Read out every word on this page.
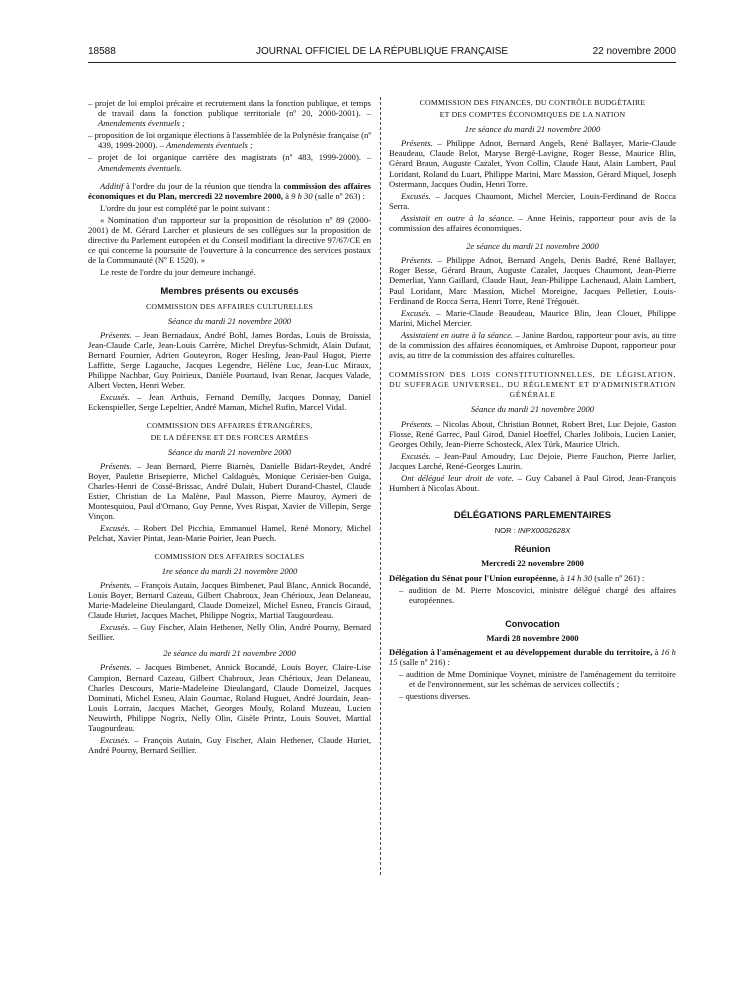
18588	JOURNAL OFFICIEL DE LA RÉPUBLIQUE FRANÇAISE	22 novembre 2000

– projet de loi emploi précaire et recrutement dans la fonction publique, et temps de travail dans la fonction publique territoriale (nº 20, 2000-2001). – Amendements éventuels ;

– proposition de loi organique élections à l'assemblée de la Polynésie française (nº 439, 1999-2000). – Amendements éventuels ;

– projet de loi organique carrière des magistrats (nº 483, 1999-2000). – Amendements éventuels.

Additif à l'ordre du jour de la réunion que tiendra la commission des affaires économiques et du Plan, mercredi 22 novembre 2000, à 9 h 30 (salle nº 263) :

L'ordre du jour est complété par le point suivant :

« Nomination d'un rapporteur sur la proposition de résolution nº 89 (2000-2001) de M. Gérard Larcher et plusieurs de ses collègues sur la proposition de directive du Parlement européen et du Conseil modifiant la directive 97/67/CE en ce qui concerne la poursuite de l'ouverture à la concurrence des services postaux de la Communauté (Nº E 1520). »

Le reste de l'ordre du jour demeure inchangé.

Membres présents ou excusés
COMMISSION DES AFFAIRES CULTURELLES
Séance du mardi 21 novembre 2000

Présents. – Jean Bernadaux, André Bohl, James Bordas, Louis de Broissia, Jean-Claude Carle, Jean-Louis Carrère, Michel Dreyfus-Schmidt, Alain Dufaut, Bernard Fournier, Adrien Gouteyron, Roger Hesling, Jean-Paul Hugot, Pierre Laffitte, Serge Lagauche, Jacques Legendre, Hélène Luc, Jean-Luc Miraux, Philippe Nachbar, Guy Poirieux, Danièle Pourtaud, Ivan Renar, Jacques Valade, Albert Vecten, Henri Weber.

Excusés. – Jean Arthuis, Fernand Demilly, Jacques Donnay, Daniel Eckenspieller, Serge Lepeltier, André Maman, Michel Rufin, Marcel Vidal.

COMMISSION DES AFFAIRES ÉTRANGÈRES,
DE LA DÉFENSE ET DES FORCES ARMÉES
Séance du mardi 21 novembre 2000

Présents. – Jean Bernard, Pierre Biarnès, Danielle Bidart-Reydet, André Boyer, Paulette Brisepierre, Michel Caldaguès, Monique Cerisier-ben Guiga, Charles-Henri de Cossé-Brissac, André Dulait, Hubert Durand-Chastel, Claude Estier, Christian de La Malène, Paul Masson, Pierre Mauroy, Aymeri de Montesquiou, Paul d'Ornano, Guy Penne, Yves Rispat, Xavier de Villepin, Serge Vinçon.

Excusés. – Robert Del Picchia, Emmanuel Hamel, René Monory, Michel Pelchat, Xavier Pintat, Jean-Marie Poirier, Jean Puech.

COMMISSION DES AFFAIRES SOCIALES
1re séance du mardi 21 novembre 2000

Présents. – François Autain, Jacques Bimbenet, Paul Blanc, Annick Bocandé, Louis Boyer, Bernard Cazeau, Gilbert Chabroux, Jean Chérioux, Jean Delaneau, Marie-Madeleine Dieulangard, Claude Domeizel, Michel Esneu, Francis Giraud, Claude Huriet, Jacques Machet, Philippe Nogrix, Martial Taugourdeau.

Excusés. – Guy Fischer, Alain Hethener, Nelly Olin, André Pourny, Bernard Seillier.

2e séance du mardi 21 novembre 2000

Présents. – Jacques Bimbenet, Annick Bocandé, Louis Boyer, Claire-Lise Campion, Bernard Cazeau, Gilbert Chabroux, Jean Chérioux, Jean Delaneau, Charles Descours, Marie-Madeleine Dieulangard, Claude Domeizel, Jacques Dominati, Michel Esneu, Alain Gournac, Roland Huguet, André Jourdain, Jean-Louis Lorrain, Jacques Machet, Georges Mouly, Roland Muzeau, Lucien Neuwirth, Philippe Nogrix, Nelly Olin, Gisèle Printz, Louis Souvet, Martial Taugourdeau.

Excusés. – François Autain, Guy Fischer, Alain Hethener, Claude Huriet, André Pourny, Bernard Seillier.

COMMISSION DES FINANCES, DU CONTRÔLE BUDGÉTAIRE
ET DES COMPTES ÉCONOMIQUES DE LA NATION
1re séance du mardi 21 novembre 2000

Présents. – Philippe Adnot, Bernard Angels, René Ballayer, Marie-Claude Beaudeau, Claude Belot, Maryse Bergé-Lavigne, Roger Besse, Maurice Blin, Gérard Braun, Auguste Cazalet, Yvon Collin, Claude Haut, Alain Lambert, Paul Loridant, Roland du Luart, Philippe Marini, Marc Massion, Gérard Miquel, Joseph Ostermann, Jacques Oudin, Henri Torre.

Excusés. – Jacques Chaumont, Michel Mercier, Louis-Ferdinand de Rocca Serra.

Assistait en outre à la séance. – Anne Heinis, rapporteur pour avis de la commission des affaires économiques.

2e séance du mardi 21 novembre 2000

Présents. – Philippe Adnot, Bernard Angels, Denis Badré, René Ballayer, Roger Besse, Gérard Braun, Auguste Cazalet, Jacques Chaumont, Jean-Pierre Demerliat, Yann Gaillard, Claude Haut, Jean-Philippe Lachenaud, Alain Lambert, Paul Loridant, Marc Massion, Michel Moreigne, Jacques Pelletier, Louis-Ferdinand de Rocca Serra, Henri Torre, René Trégouët.

Excusés. – Marie-Claude Beaudeau, Maurice Blin, Jean Clouet, Philippe Marini, Michel Mercier.

Assistaient en outre à la séance. – Janine Bardou, rapporteur pour avis, au titre de la commission des affaires économiques, et Ambroise Dupont, rapporteur pour avis, au titre de la commission des affaires culturelles.

COMMISSION DES LOIS CONSTITUTIONNELLES, DE LÉGISLATION, DU SUFFRAGE UNIVERSEL, DU RÈGLEMENT ET D'ADMINISTRATION GÉNÉRALE

Séance du mardi 21 novembre 2000

Présents. – Nicolas About, Christian Bonnet, Robert Bret, Luc Dejoie, Gaston Flosse, René Garrec, Paul Girod, Daniel Hoeffel, Charles Jolibois, Lucien Lanier, Georges Othily, Jean-Pierre Schosteck, Alex Türk, Maurice Ulrich.

Excusés. – Jean-Paul Amoudry, Luc Dejoie, Pierre Fauchon, Pierre Jarlier, Jacques Larché, René-Georges Laurin.

Ont délégué leur droit de vote. – Guy Cabanel à Paul Girod, Jean-François Humbert à Nicolas About.

DÉLÉGATIONS PARLEMENTAIRES
NOR : INPX0002628X
Réunion
Mercredi 22 novembre 2000

Délégation du Sénat pour l'Union européenne, à 14 h 30 (salle nº 261) :

– audition de M. Pierre Moscovici, ministre délégué chargé des affaires européennes.

Convocation
Mardi 28 novembre 2000

Délégation à l'aménagement et au développement durable du territoire, à 16 h 15 (salle nº 216) :

– audition de Mme Dominique Voynet, ministre de l'aménagement du territoire et de l'environnement, sur les schémas de services collectifs ;

– questions diverses.
